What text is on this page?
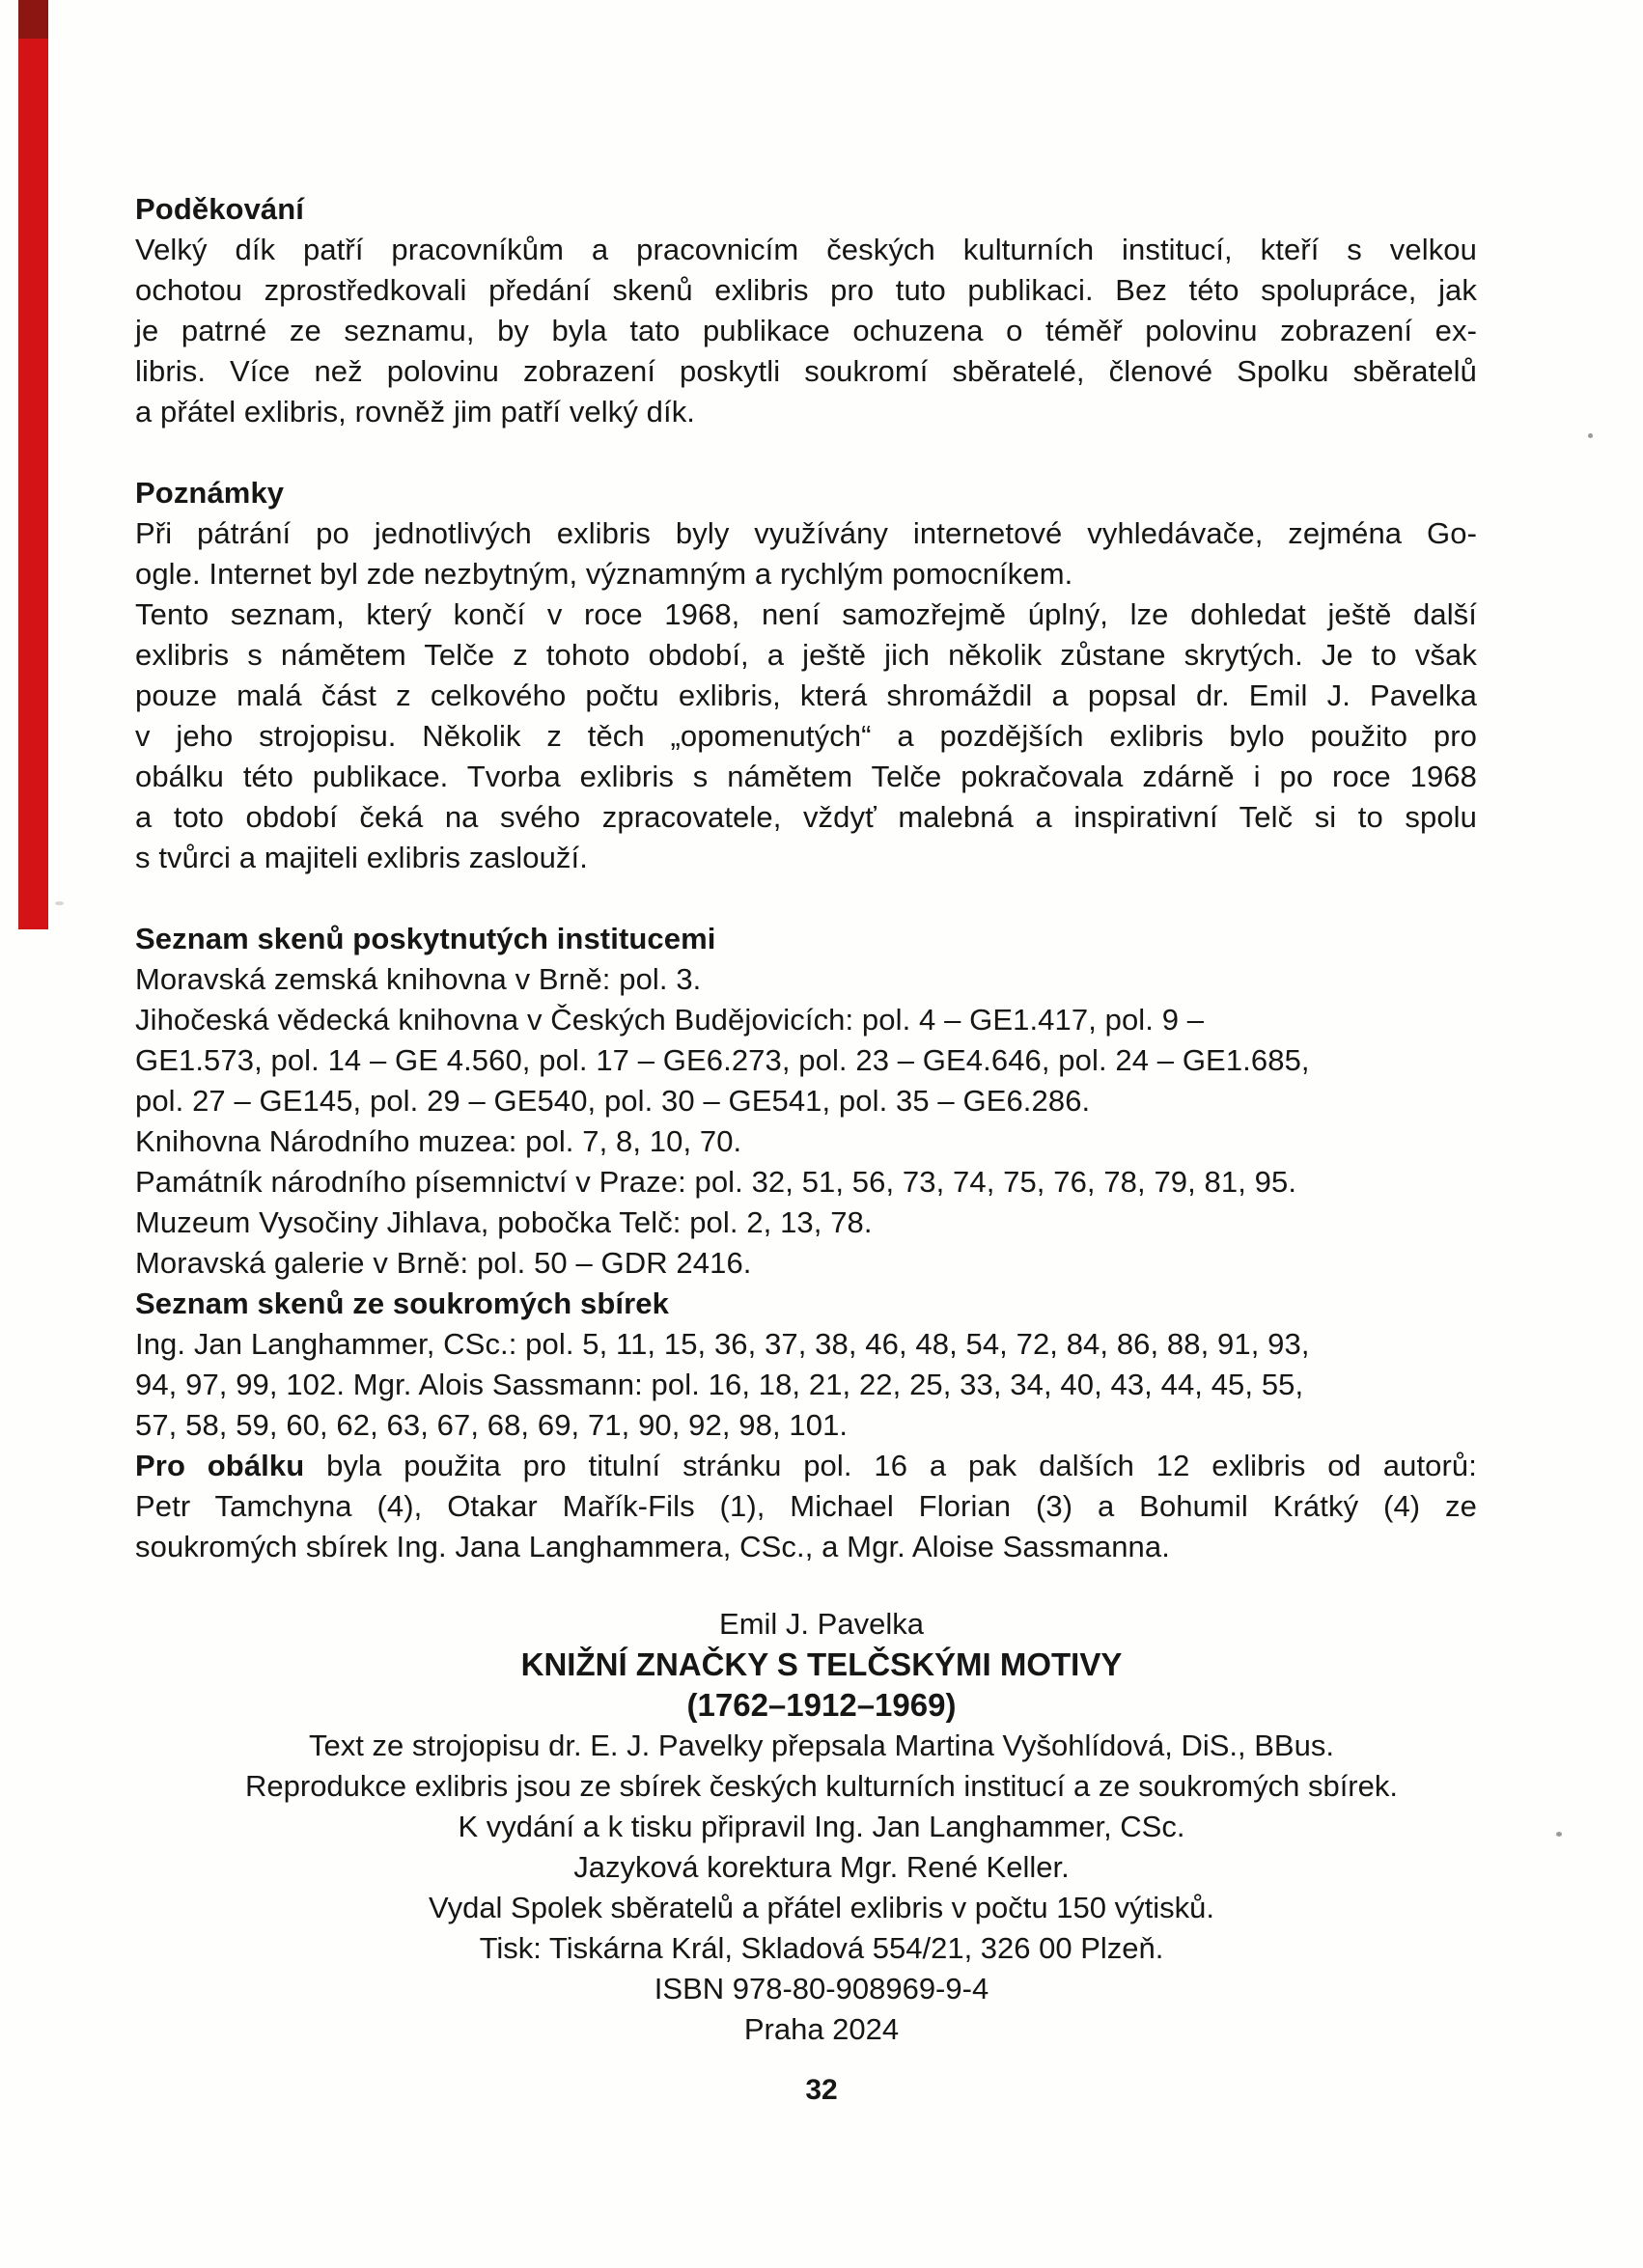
Poděkování
Velký dík patří pracovníkům a pracovnicím českých kulturních institucí, kteří s velkou
ochotou zprostředkovali předání skenů exlibris pro tuto publikaci. Bez této spolupráce, jak
je patrné ze seznamu, by byla tato publikace ochuzena o téměř polovinu zobrazení ex-
libris. Více než polovinu zobrazení poskytli soukromí sběratelé, členové Spolku sběratelů
a přátel exlibris, rovněž jim patří velký dík.
Poznámky
Při pátrání po jednotlivých exlibris byly využívány internetové vyhledávače, zejména Go-
ogle. Internet byl zde nezbytným, významným a rychlým pomocníkem.
Tento seznam, který končí v roce 1968, není samozřejmě úplný, lze dohledat ještě další
exlibris s námětem Telče z tohoto období, a ještě jich několik zůstane skrytých. Je to však
pouze malá část z celkového počtu exlibris, která shromáždil a popsal dr. Emil J. Pavelka
v jeho strojopisu. Několik z těch „opomenutých“ a pozdějších exlibris bylo použito pro
obálku této publikace. Tvorba exlibris s námětem Telče pokračovala zdárně i po roce 1968
a toto období čeká na svého zpracovatele, vždyť malebná a inspirativní Telč si to spolu
s tvůrci a majiteli exlibris zaslouží.
Seznam skenů poskytnutých institucemi
Moravská zemská knihovna v Brně: pol. 3.
Jihočeská vědecká knihovna v Českých Budějovicích: pol. 4 – GE1.417, pol. 9 –
GE1.573, pol. 14 – GE 4.560, pol. 17 – GE6.273, pol. 23 – GE4.646, pol. 24 – GE1.685,
pol. 27 – GE145, pol. 29 – GE540, pol. 30 – GE541, pol. 35 – GE6.286.
Knihovna Národního muzea: pol. 7, 8, 10, 70.
Památník národního písemnictví v Praze: pol. 32, 51, 56, 73, 74, 75, 76, 78, 79, 81, 95.
Muzeum Vysočiny Jihlava, pobočka Telč: pol. 2, 13, 78.
Moravská galerie v Brně: pol. 50 – GDR 2416.
Seznam skenů ze soukromých sbírek
Ing. Jan Langhammer, CSc.: pol. 5, 11, 15, 36, 37, 38, 46, 48, 54, 72, 84, 86, 88, 91, 93,
94, 97, 99, 102. Mgr. Alois Sassmann: pol. 16, 18, 21, 22, 25, 33, 34, 40, 43, 44, 45, 55,
57, 58, 59, 60, 62, 63, 67, 68, 69, 71, 90, 92, 98, 101.
Pro obálku byla použita pro titulní stránku pol. 16 a pak dalších 12 exlibris od autorů:
Petr Tamchyna (4), Otakar Mařík-Fils (1), Michael Florian (3) a Bohumil Krátký (4) ze
soukromých sbírek Ing. Jana Langhammera, CSc., a Mgr. Aloise Sassmanna.
Emil J. Pavelka
KNIŽNÍ ZNAČKY S TELČSKÝMI MOTIVY
(1762–1912–1969)
Text ze strojopisu dr. E. J. Pavelky přepsala Martina Vyšohlídová, DiS., BBus.
Reprodukce exlibris jsou ze sbírek českých kulturních institucí a ze soukromých sbírek.
K vydání a k tisku připravil Ing. Jan Langhammer, CSc.
Jazyková korektura Mgr. René Keller.
Vydal Spolek sběratelů a přátel exlibris v počtu 150 výtisků.
Tisk: Tiskárna Král, Skladová 554/21, 326 00 Plzeň.
ISBN 978-80-908969-9-4
Praha 2024
32
